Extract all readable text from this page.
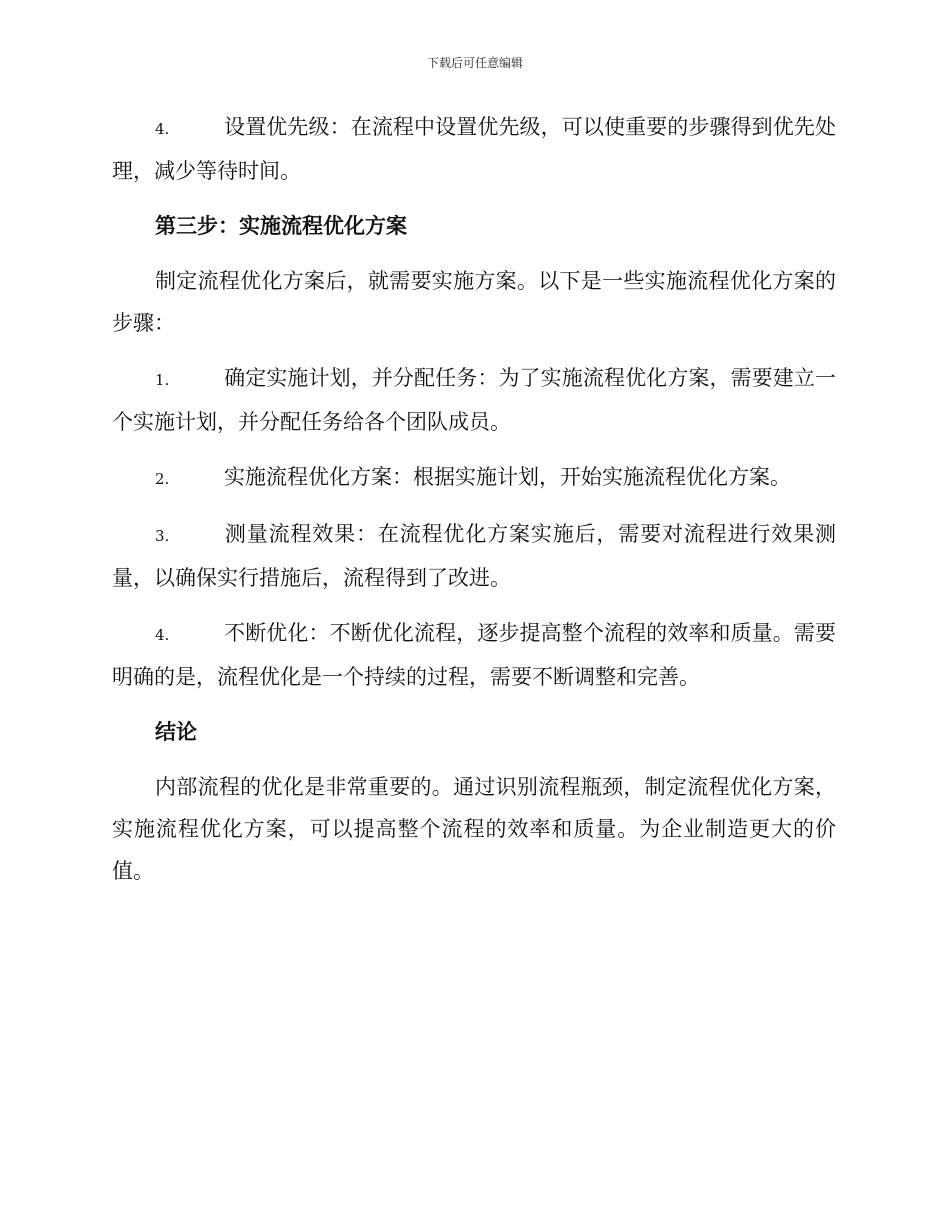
下载后可任意编辑

4.	设置优先级：在流程中设置优先级，可以使重要的步骤得到优先处理，减少等待时间。

第三步：实施流程优化方案

制定流程优化方案后，就需要实施方案。以下是一些实施流程优化方案的步骤：

1.	确定实施计划，并分配任务：为了实施流程优化方案，需要建立一个实施计划，并分配任务给各个团队成员。

2.	实施流程优化方案：根据实施计划，开始实施流程优化方案。

3.	测量流程效果：在流程优化方案实施后，需要对流程进行效果测量，以确保实行措施后，流程得到了改进。

4.	不断优化：不断优化流程，逐步提高整个流程的效率和质量。需要明确的是，流程优化是一个持续的过程，需要不断调整和完善。

结论

内部流程的优化是非常重要的。通过识别流程瓶颈，制定流程优化方案，实施流程优化方案，可以提高整个流程的效率和质量。为企业制造更大的价值。
